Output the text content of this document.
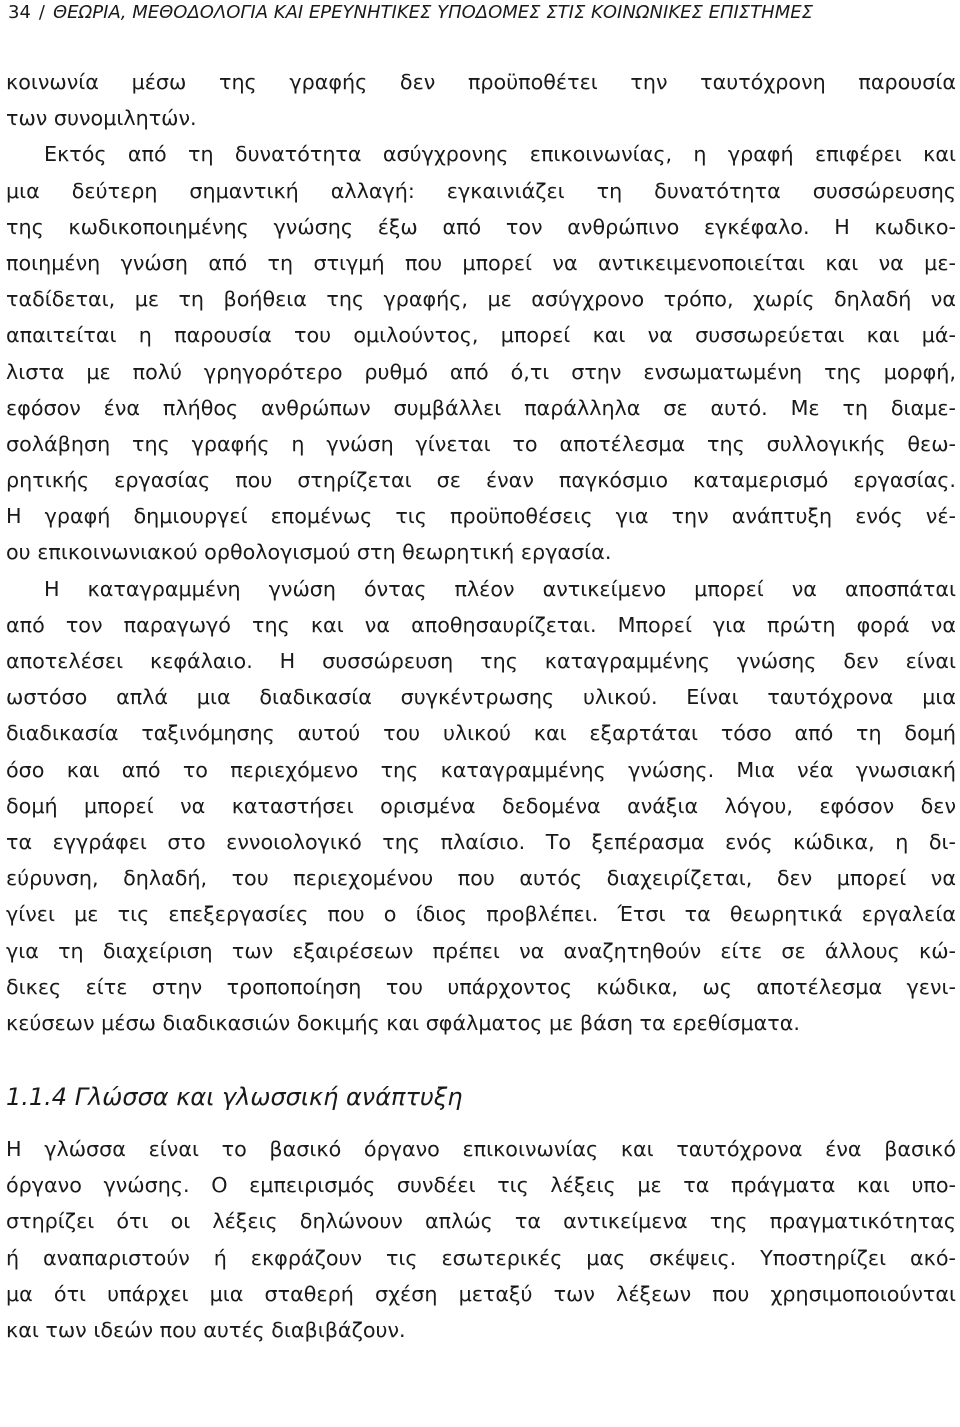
34 / ΘΕΩΡΙΑ, ΜΕΘΟΔΟΛΟΓΙΑ ΚΑΙ ΕΡΕΥΝΗΤΙΚΕΣ ΥΠΟΔΟΜΕΣ ΣΤΙΣ ΚΟΙΝΩΝΙΚΕΣ ΕΠΙΣΤΗΜΕΣ
κοινωνία μέσω της γραφής δεν προϋποθέτει την ταυτόχρονη παρουσία
των συνομιλητών.
Εκτός από τη δυνατότητα ασύγχρονης επικοινωνίας, η γραφή επιφέρει και
μια δεύτερη σημαντική αλλαγή: εγκαινιάζει τη δυνατότητα συσσώρευσης
της κωδικοποιημένης γνώσης έξω από τον ανθρώπινο εγκέφαλο. Η κωδικο-
ποιημένη γνώση από τη στιγμή που μπορεί να αντικειμενοποιείται και να με-
ταδίδεται, με τη βοήθεια της γραφής, με ασύγχρονο τρόπο, χωρίς δηλαδή να
απαιτείται η παρουσία του ομιλούντος, μπορεί και να συσσωρεύεται και μά-
λιστα με πολύ γρηγορότερο ρυθμό από ό,τι στην ενσωματωμένη της μορφή,
εφόσον ένα πλήθος ανθρώπων συμβάλλει παράλληλα σε αυτό. Με τη διαμε-
σολάβηση της γραφής η γνώση γίνεται το αποτέλεσμα της συλλογικής θεω-
ρητικής εργασίας που στηρίζεται σε έναν παγκόσμιο καταμερισμό εργασίας.
Η γραφή δημιουργεί επομένως τις προϋποθέσεις για την ανάπτυξη ενός νέ-
ου επικοινωνιακού ορθολογισμού στη θεωρητική εργασία.
Η καταγραμμένη γνώση όντας πλέον αντικείμενο μπορεί να αποσπάται
από τον παραγωγό της και να αποθησαυρίζεται. Μπορεί για πρώτη φορά να
αποτελέσει κεφάλαιο. Η συσσώρευση της καταγραμμένης γνώσης δεν είναι
ωστόσο απλά μια διαδικασία συγκέντρωσης υλικού. Είναι ταυτόχρονα μια
διαδικασία ταξινόμησης αυτού του υλικού και εξαρτάται τόσο από τη δομή
όσο και από το περιεχόμενο της καταγραμμένης γνώσης. Μια νέα γνωσιακή
δομή μπορεί να καταστήσει ορισμένα δεδομένα ανάξια λόγου, εφόσον δεν
τα εγγράφει στο εννοιολογικό της πλαίσιο. Το ξεπέρασμα ενός κώδικα, η δι-
εύρυνση, δηλαδή, του περιεχομένου που αυτός διαχειρίζεται, δεν μπορεί να
γίνει με τις επεξεργασίες που ο ίδιος προβλέπει. Έτσι τα θεωρητικά εργαλεία
για τη διαχείριση των εξαιρέσεων πρέπει να αναζητηθούν είτε σε άλλους κώ-
δικες είτε στην τροποποίηση του υπάρχοντος κώδικα, ως αποτέλεσμα γενι-
κεύσεων μέσω διαδικασιών δοκιμής και σφάλματος με βάση τα ερεθίσματα.
1.1.4 Γλώσσα και γλωσσική ανάπτυξη
Η γλώσσα είναι το βασικό όργανο επικοινωνίας και ταυτόχρονα ένα βασικό
όργανο γνώσης. Ο εμπειρισμός συνδέει τις λέξεις με τα πράγματα και υπο-
στηρίζει ότι οι λέξεις δηλώνουν απλώς τα αντικείμενα της πραγματικότητας
ή αναπαριστούν ή εκφράζουν τις εσωτερικές μας σκέψεις. Υποστηρίζει ακό-
μα ότι υπάρχει μια σταθερή σχέση μεταξύ των λέξεων που χρησιμοποιούνται
και των ιδεών που αυτές διαβιβάζουν.
